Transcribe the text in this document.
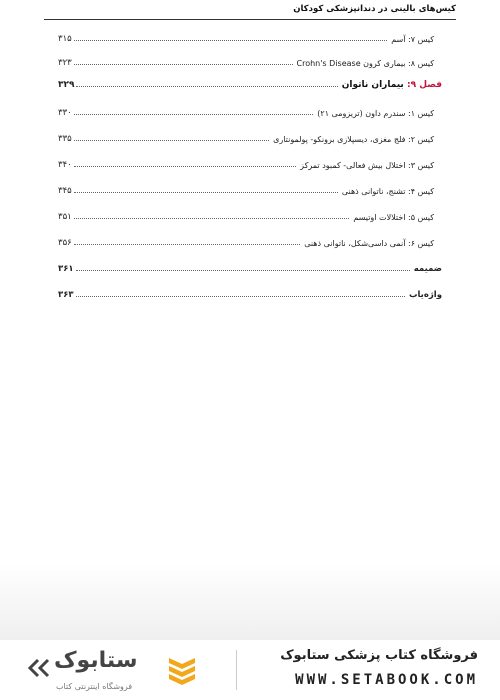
کیس‌های بالینی در دندانپزشکی کودکان
کیس ۷: آسم
۳۱۵
کیس ۸: بیماری کرون Crohn's Disease
۳۲۳
فصل ۹: بیماران ناتوان
۳۲۹
کیس ۱: سندرم داون (تریزومی ۲۱)
۳۳۰
کیس ۲: فلج مغزی، دیسپلازی برونکو- پولمونتاری
۳۳۵
کیس ۳: اختلال بیش فعالی- کمبود تمرکز
۳۴۰
کیس ۴: تشنج، ناتوانی ذهنی
۳۴۵
کیس ۵: اختلالات اوتیسم
۳۵۱
کیس ۶: آنمی داسی‌شکل، ناتوانی ذهنی
۳۵۶
ضمیمه
۳۶۱
واژه‌یاب
۳۶۳
ستابوک
فروشگاه اینترنتی کتاب
فروشگاه کتاب پزشکی ستابوک
WWW.SETABOOK.COM
